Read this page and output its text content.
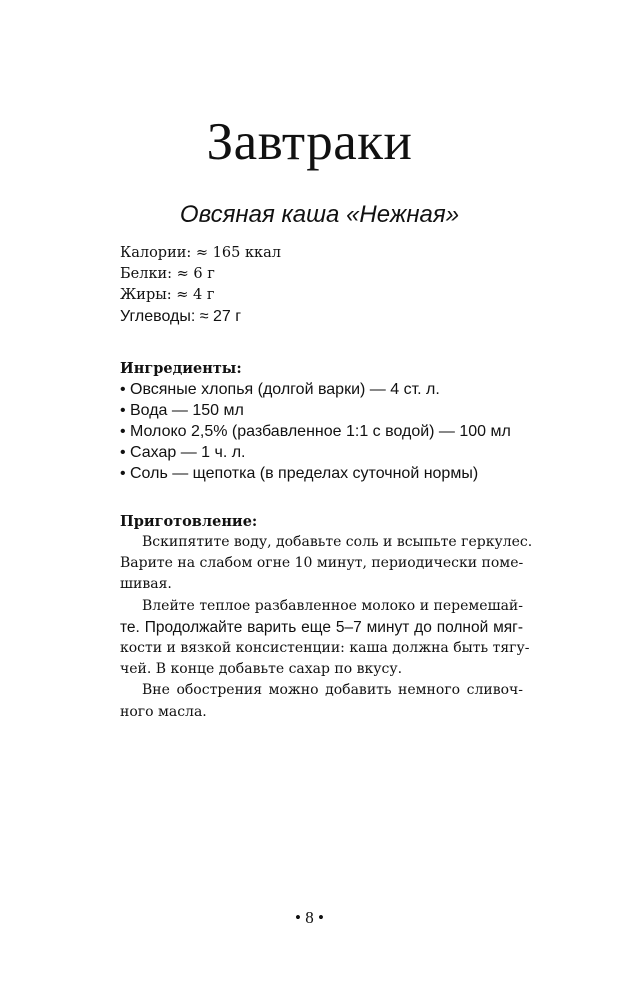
Завтраки
Овсяная каша «Нежная»
Калории: ≈ 165 ккал
Белки: ≈ 6 г
Жиры: ≈ 4 г
Углеводы: ≈ 27 г
Ингредиенты:
• Овсяные хлопья (долгой варки) — 4 ст. л.
• Вода — 150 мл
• Молоко 2,5% (разбавленное 1:1 с водой) — 100 мл
• Сахар — 1 ч. л.
• Соль — щепотка (в пределах суточной нормы)
Приготовление:

Вскипятите воду, добавьте соль и всыпьте геркулес.
Варите на слабом огне 10 минут, периодически поме-
шивая.

Влейте теплое разбавленное молоко и перемешай-
те. Продолжайте варить еще 5–7 минут до полной мяг-
кости и вязкой консистенции: каша должна быть тягу-
чей. В конце добавьте сахар по вкусу.

Вне обострения можно добавить немного сливоч-
ного масла.

• 8 •
